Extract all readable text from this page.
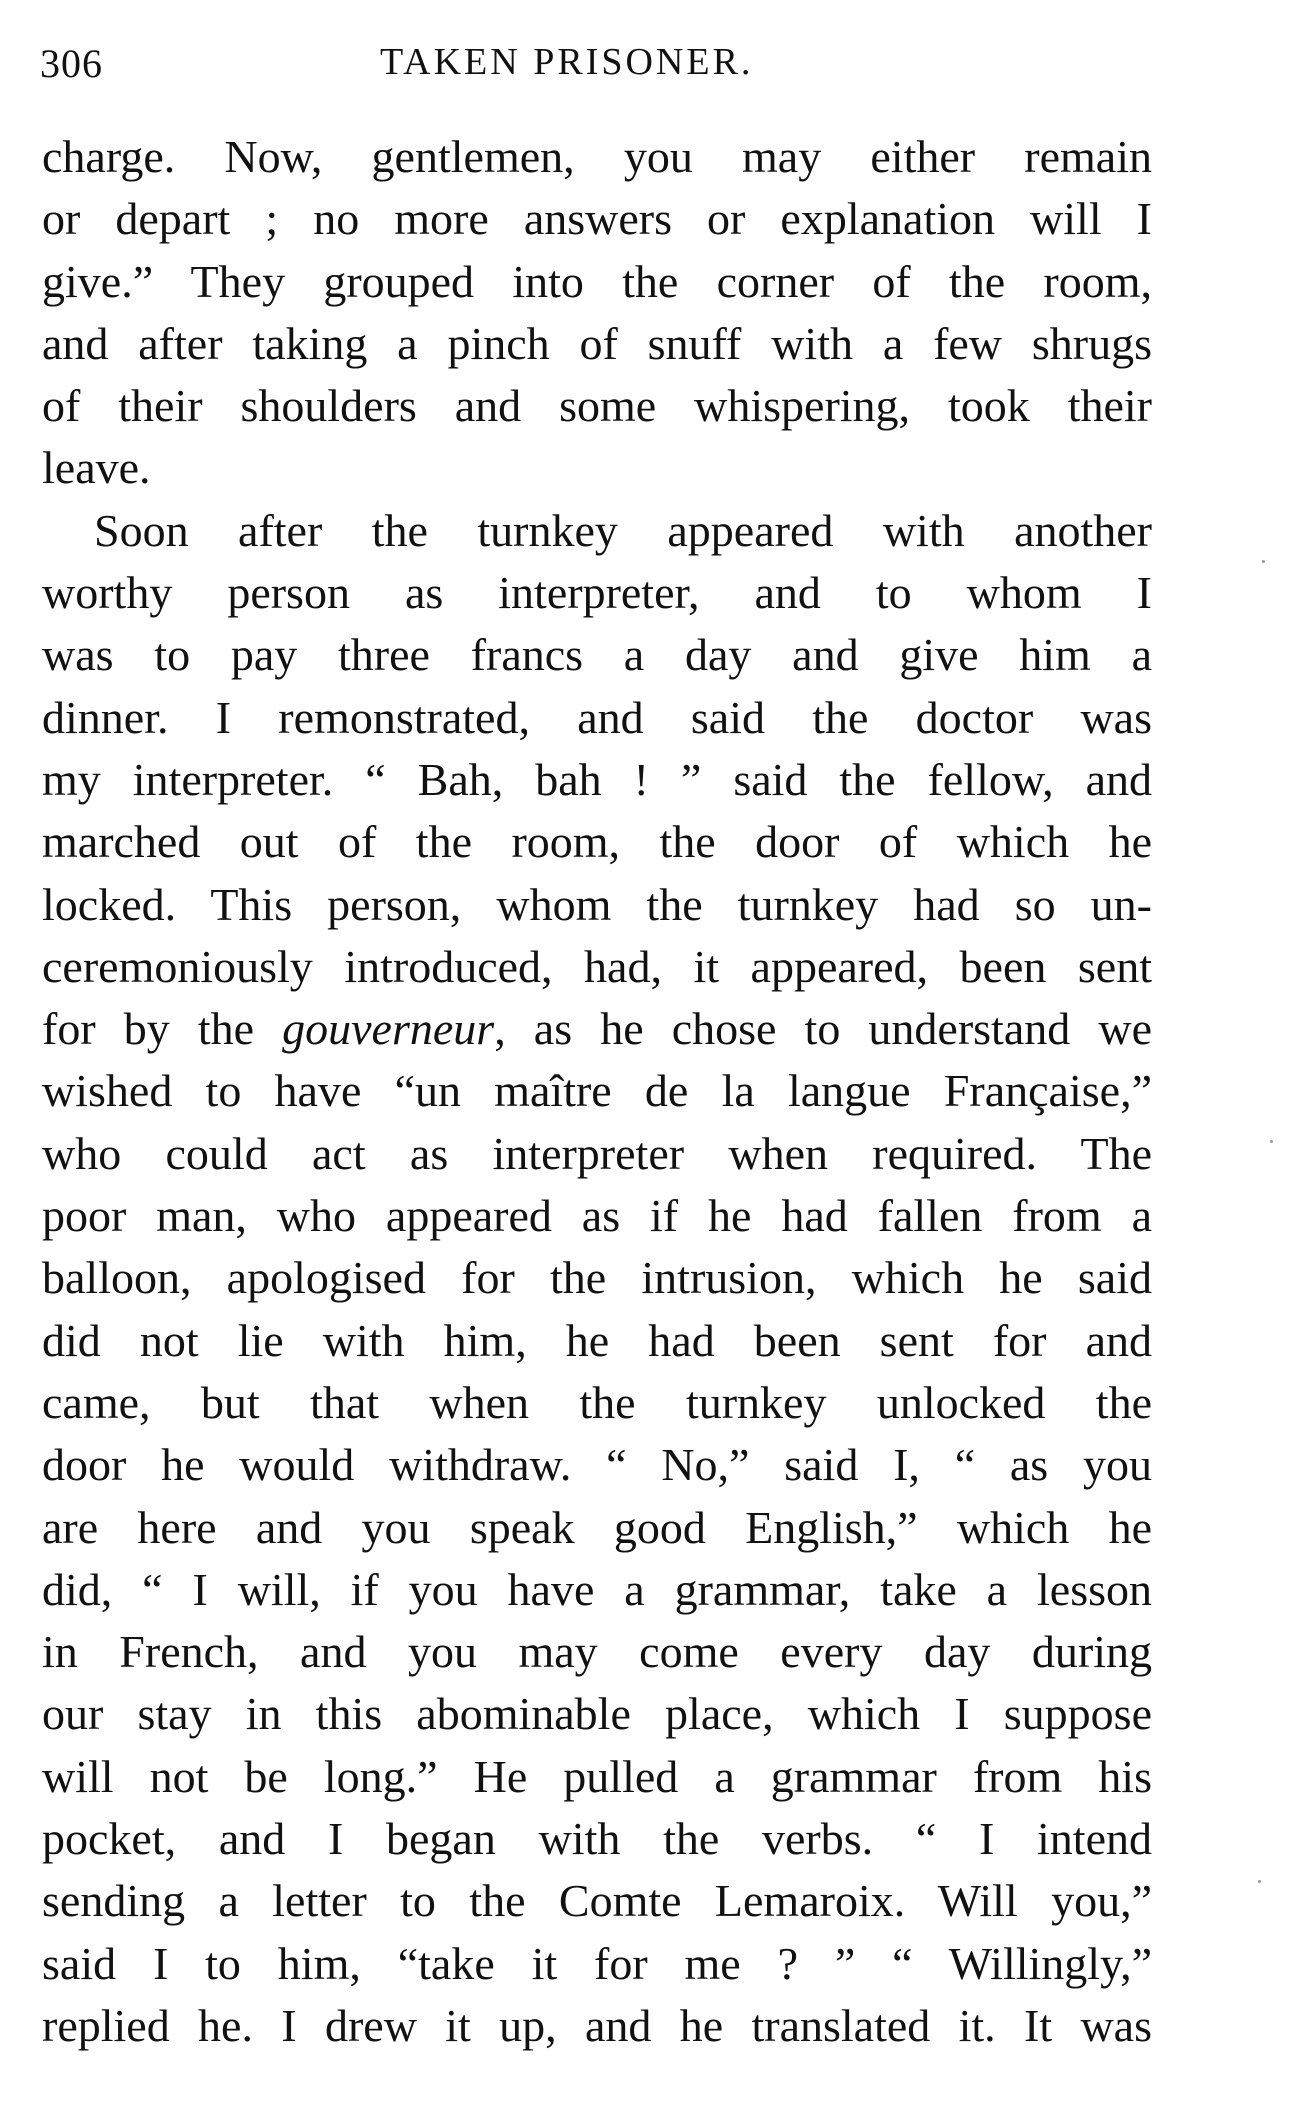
306	TAKEN PRISONER.
charge. Now, gentlemen, you may either remain
or depart ; no more answers or explanation will I
give.” They grouped into the corner of the room,
and after taking a pinch of snuff with a few shrugs
of their shoulders and some whispering, took their
leave.
Soon after the turnkey appeared with another
worthy person as interpreter, and to whom I
was to pay three francs a day and give him a
dinner. I remonstrated, and said the doctor was
my interpreter. “ Bah, bah ! ” said the fellow, and
marched out of the room, the door of which he
locked. This person, whom the turnkey had so un-
ceremoniously introduced, had, it appeared, been sent
for by the gouverneur, as he chose to understand we
wished to have “un maître de la langue Française,”
who could act as interpreter when required. The
poor man, who appeared as if he had fallen from a
balloon, apologised for the intrusion, which he said
did not lie with him, he had been sent for and
came, but that when the turnkey unlocked the
door he would withdraw. “ No,” said I, “ as you
are here and you speak good English,” which he
did, “ I will, if you have a grammar, take a lesson
in French, and you may come every day during
our stay in this abominable place, which I suppose
will not be long.” He pulled a grammar from his
pocket, and I began with the verbs. “ I intend
sending a letter to the Comte Lemaroix. Will you,”
said I to him, “take it for me ? ” “ Willingly,”
replied he. I drew it up, and he translated it. It was
